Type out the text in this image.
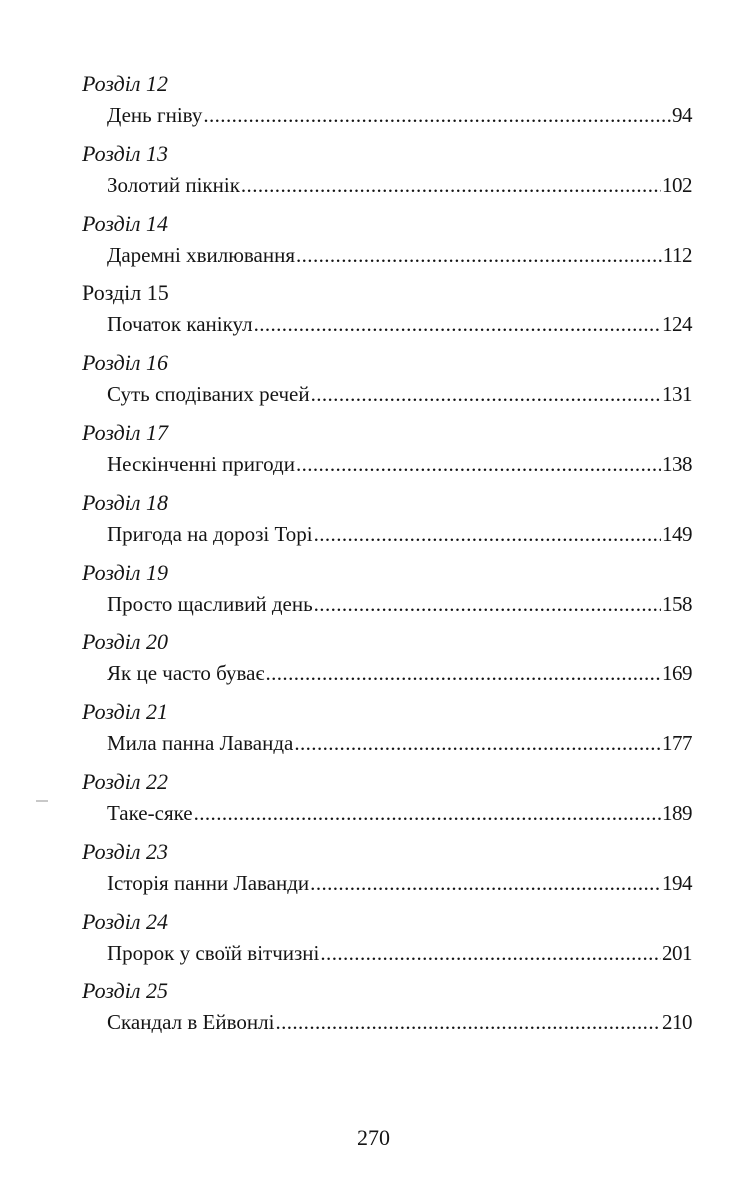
Розділ 12
День гніву .....	94
Розділ 13
Золотий пікнік .....	102
Розділ 14
Даремні хвилювання .....	112
Розділ 15
Початок канікул .....	124
Розділ 16
Суть сподіваних речей .....	131
Розділ 17
Нескінченні пригоди .....	138
Розділ 18
Пригода на дорозі Торі .....	149
Розділ 19
Просто щасливий день .....	158
Розділ 20
Як це часто буває .....	169
Розділ 21
Мила панна Лаванда .....	177
Розділ 22
Таке-сяке .....	189
Розділ 23
Історія панни Лаванди .....	194
Розділ 24
Пророк у своїй вітчизні .....	201
Розділ 25
Скандал в Ейвонлі .....	210
270
